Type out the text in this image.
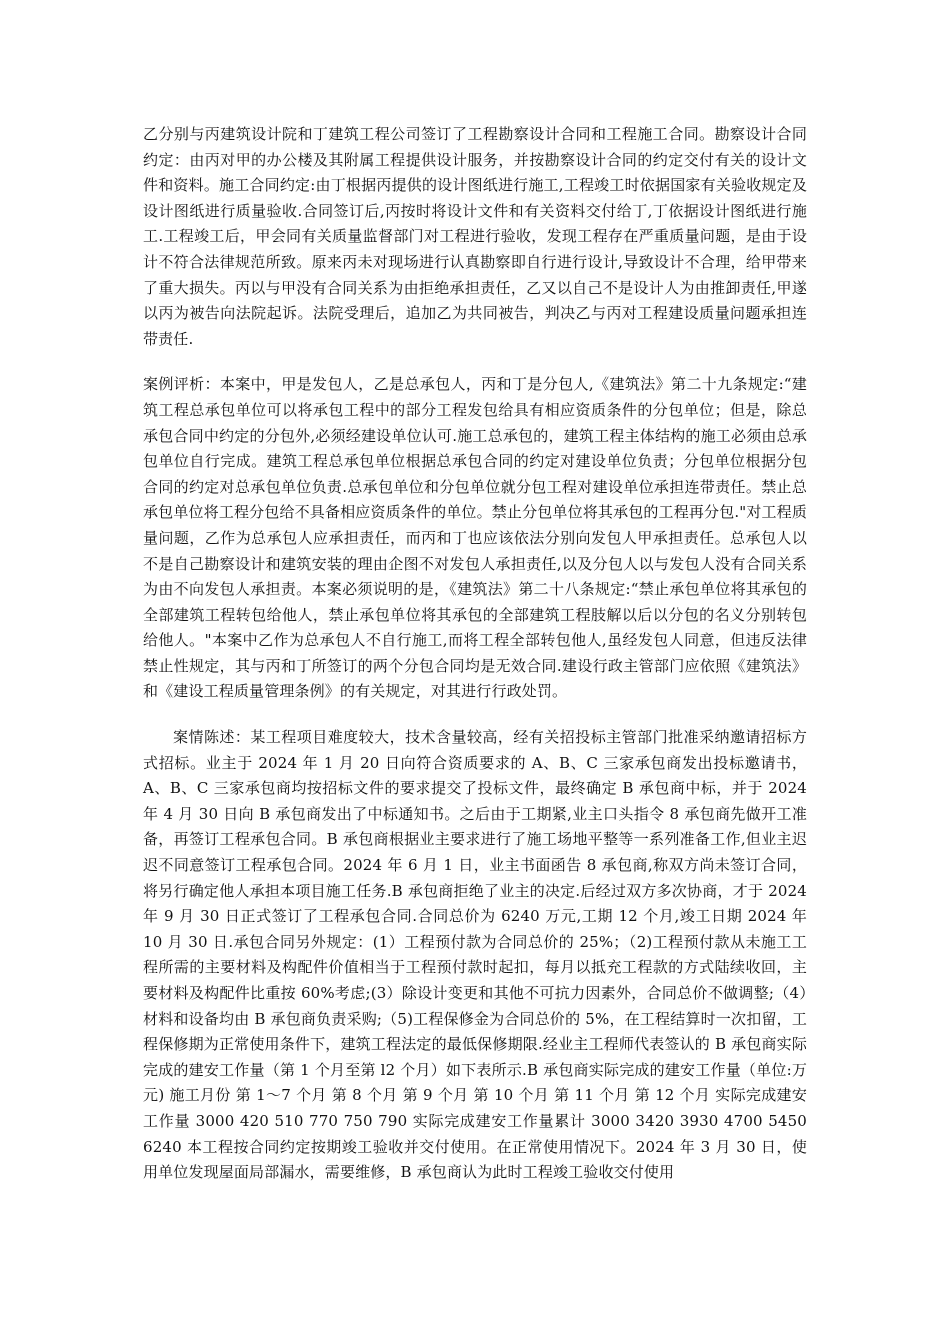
乙分别与丙建筑设计院和丁建筑工程公司签订了工程勘察设计合同和工程施工合同。勘察设计合同约定：由丙对甲的办公楼及其附属工程提供设计服务，并按勘察设计合同的约定交付有关的设计文件和资料。施工合同约定:由丁根据丙提供的设计图纸进行施工,工程竣工时依据国家有关验收规定及设计图纸进行质量验收.合同签订后,丙按时将设计文件和有关资料交付给丁,丁依据设计图纸进行施工.工程竣工后，甲会同有关质量监督部门对工程进行验收，发现工程存在严重质量问题，是由于设计不符合法律规范所致。原来丙未对现场进行认真勘察即自行进行设计,导致设计不合理，给甲带来了重大损失。丙以与甲没有合同关系为由拒绝承担责任，乙又以自己不是设计人为由推卸责任,甲遂以丙为被告向法院起诉。法院受理后，追加乙为共同被告，判决乙与丙对工程建设质量问题承担连带责任.

案例评析：本案中，甲是发包人，乙是总承包人，丙和丁是分包人,《建筑法》第二十九条规定:“建筑工程总承包单位可以将承包工程中的部分工程发包给具有相应资质条件的分包单位；但是，除总承包合同中约定的分包外,必须经建设单位认可.施工总承包的，建筑工程主体结构的施工必须由总承包单位自行完成。建筑工程总承包单位根据总承包合同的约定对建设单位负责；分包单位根据分包合同的约定对总承包单位负责.总承包单位和分包单位就分包工程对建设单位承担连带责任。禁止总承包单位将工程分包给不具备相应资质条件的单位。禁止分包单位将其承包的工程再分包."对工程质量问题，乙作为总承包人应承担责任，而丙和丁也应该依法分别向发包人甲承担责任。总承包人以不是自己勘察设计和建筑安装的理由企图不对发包人承担责任,以及分包人以与发包人没有合同关系为由不向发包人承担责。本案必须说明的是，《建筑法》第二十八条规定:“禁止承包单位将其承包的全部建筑工程转包给他人，禁止承包单位将其承包的全部建筑工程肢解以后以分包的名义分别转包给他人。"本案中乙作为总承包人不自行施工,而将工程全部转包他人,虽经发包人同意，但违反法律禁止性规定，其与丙和丁所签订的两个分包合同均是无效合同.建设行政主管部门应依照《建筑法》和《建设工程质量管理条例》的有关规定，对其进行行政处罚。

案情陈述：某工程项目难度较大，技术含量较高，经有关招投标主管部门批准采纳邀请招标方式招标。业主于 2024 年 1 月 20 日向符合资质要求的 A、B、C 三家承包商发出投标邀请书，A、B、C 三家承包商均按招标文件的要求提交了投标文件，最终确定 B 承包商中标，并于 2024 年 4 月 30 日向 B 承包商发出了中标通知书。之后由于工期紧,业主口头指令 8 承包商先做开工准备，再签订工程承包合同。B 承包商根据业主要求进行了施工场地平整等一系列准备工作,但业主迟迟不同意签订工程承包合同。2024 年 6 月 1 日，业主书面函告 8 承包商,称双方尚未签订合同，将另行确定他人承担本项目施工任务.B 承包商拒绝了业主的决定.后经过双方多次协商，才于 2024 年 9 月 30 日正式签订了工程承包合同.合同总价为 6240 万元,工期 12 个月,竣工日期 2024 年 10 月 30 日.承包合同另外规定：(1）工程预付款为合同总价的 25%；（2)工程预付款从未施工工程所需的主要材料及构配件价值相当于工程预付款时起扣，每月以抵充工程款的方式陆续收回，主要材料及构配件比重按 60%考虑;(3）除设计变更和其他不可抗力因素外，合同总价不做调整;（4）材料和设备均由 B 承包商负责采购;（5)工程保修金为合同总价的 5%，在工程结算时一次扣留，工程保修期为正常使用条件下，建筑工程法定的最低保修期限.经业主工程师代表签认的 B 承包商实际完成的建安工作量（第 1 个月至第 l2 个月）如下表所示.B 承包商实际完成的建安工作量（单位:万元) 施工月份 第 1～7 个月 第 8 个月 第 9 个月 第 10 个月 第 11 个月 第 12 个月 实际完成建安工作量 3000 420 510 770 750 790 实际完成建安工作量累计 3000 3420 3930 4700 5450 6240 本工程按合同约定按期竣工验收并交付使用。在正常使用情况下。2024 年 3 月 30 日，使用单位发现屋面局部漏水，需要维修，B 承包商认为此时工程竣工验收交付使用
